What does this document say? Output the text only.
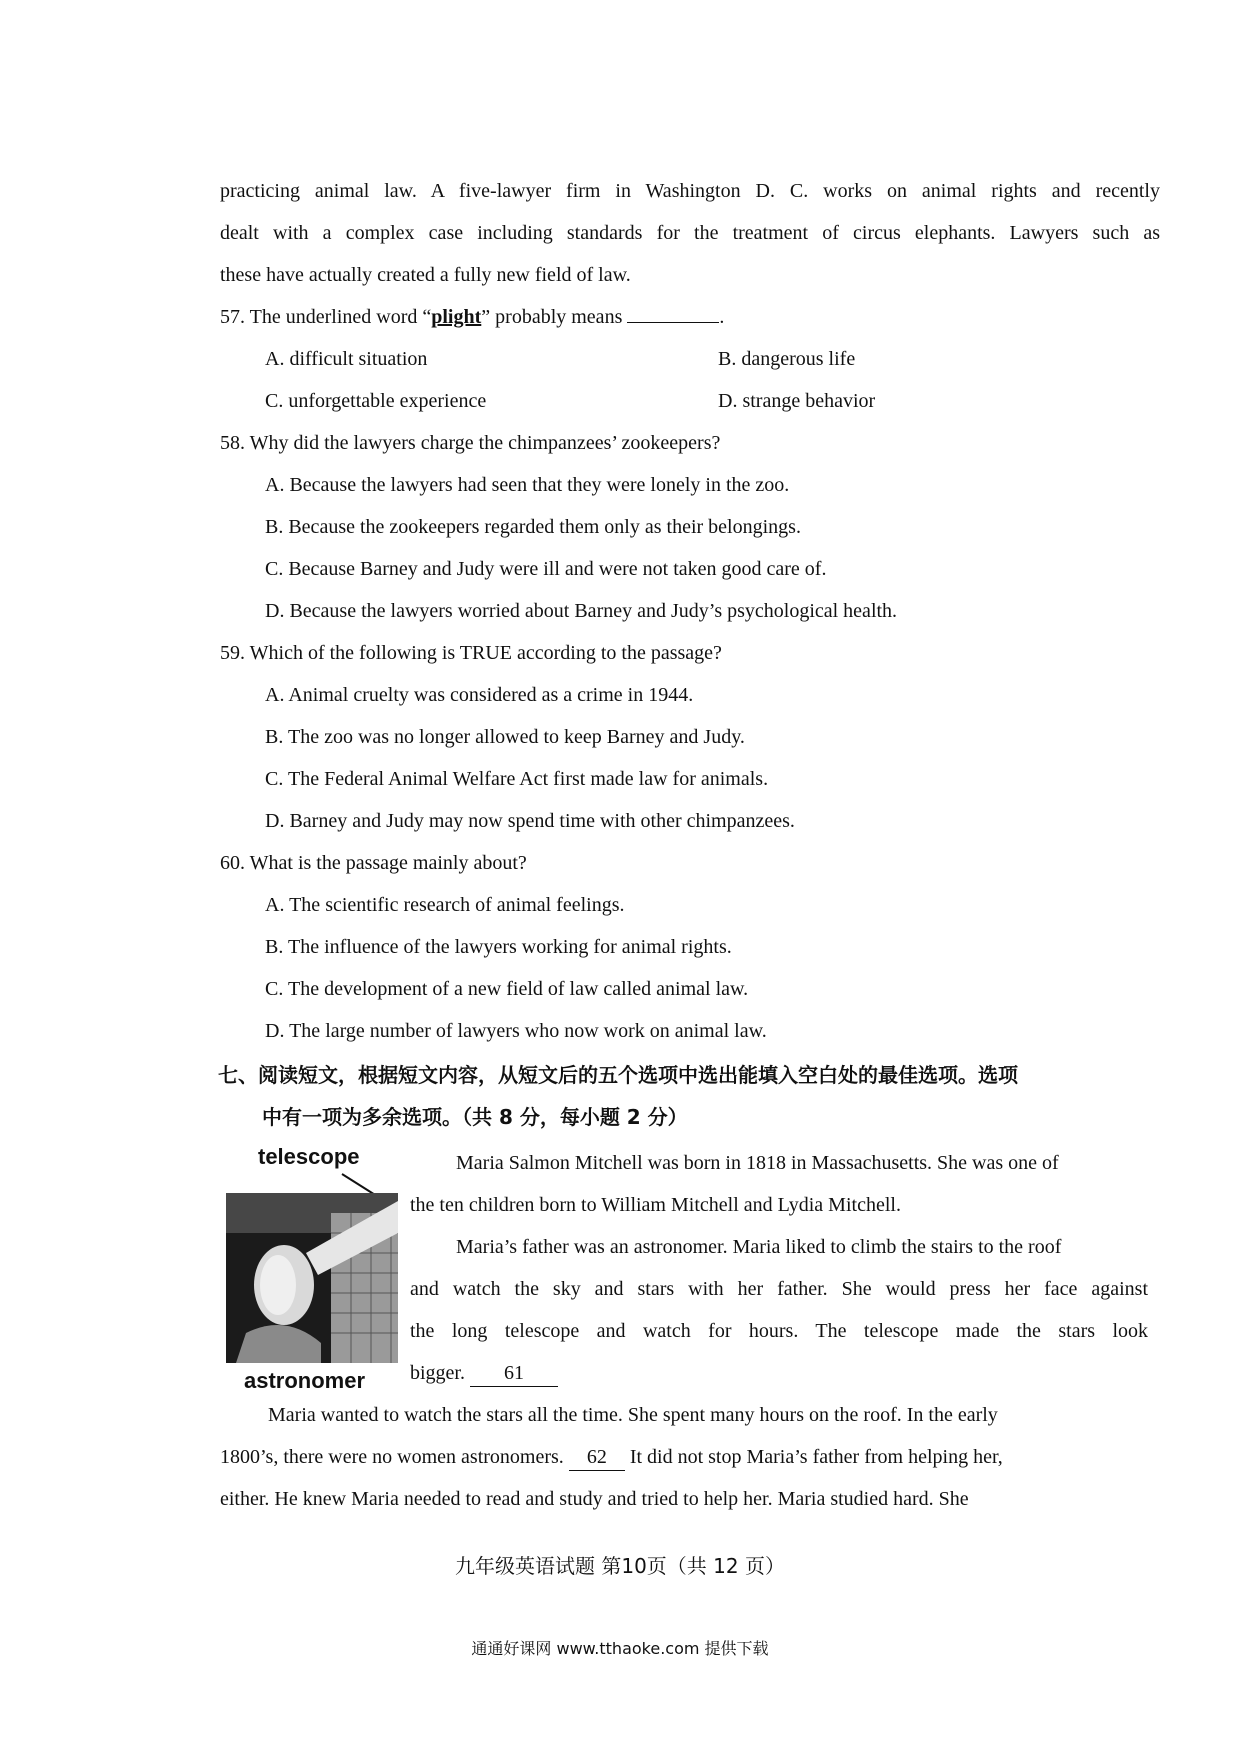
practicing animal law. A five-lawyer firm in Washington D. C. works on animal rights and recently
dealt with a complex case including standards for the treatment of circus elephants. Lawyers such as
these have actually created a fully new field of law.
57. The underlined word “plight” probably means	.
A. difficult situation	B. dangerous life
C. unforgettable experience	D. strange behavior
58. Why did the lawyers charge the chimpanzees’ zookeepers?
A. Because the lawyers had seen that they were lonely in the zoo.
B. Because the zookeepers regarded them only as their belongings.
C. Because Barney and Judy were ill and were not taken good care of.
D. Because the lawyers worried about Barney and Judy’s psychological health.
59. Which of the following is TRUE according to the passage?
A. Animal cruelty was considered as a crime in 1944.
B. The zoo was no longer allowed to keep Barney and Judy.
C. The Federal Animal Welfare Act first made law for animals.
D. Barney and Judy may now spend time with other chimpanzees.
60. What is the passage mainly about?
A. The scientific research of animal feelings.
B. The influence of the lawyers working for animal rights.
C. The development of a new field of law called animal law.
D. The large number of lawyers who now work on animal law.
七、阅读短文，根据短文内容，从短文后的五个选项中选出能填入空白处的最佳选项。选项
中有一项为多余选项。（共 8 分，每小题 2 分）
telescope
astronomer
Maria Salmon Mitchell was born in 1818 in Massachusetts. She was one of
the ten children born to William Mitchell and Lydia Mitchell.
Maria’s father was an astronomer. Maria liked to climb the stairs to the roof
and watch the sky and stars with her father. She would press her face against
the long telescope and watch for hours. The telescope made the stars look
bigger. 61
Maria wanted to watch the stars all the time. She spent many hours on the roof. In the early
1800’s, there were no women astronomers. 62 It did not stop Maria’s father from helping her,
either. He knew Maria needed to read and study and tried to help her. Maria studied hard. She
九年级英语试题 第10页（共 12 页）
通通好课网 www.tthaoke.com 提供下载
